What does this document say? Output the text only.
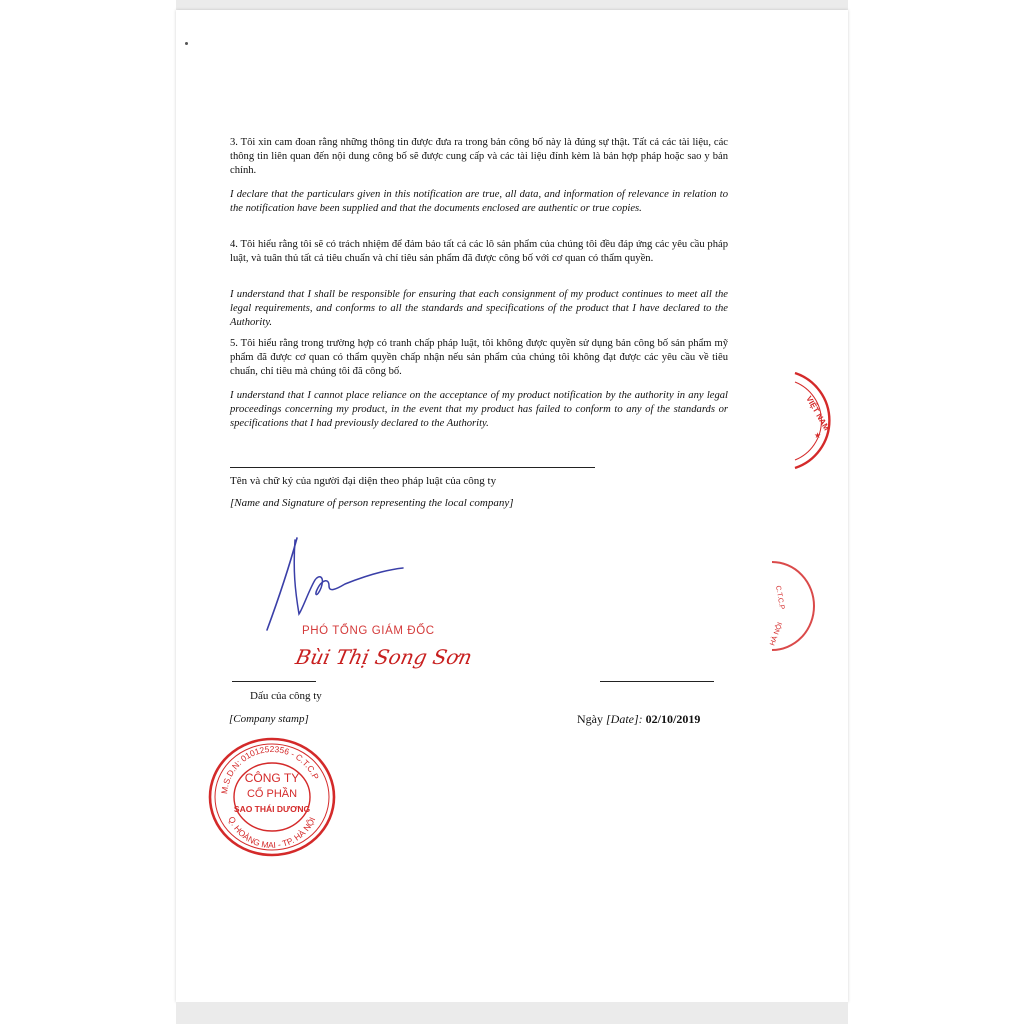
3. Tôi xin cam đoan rằng những thông tin được đưa ra trong bản công bố này là đúng sự thật. Tất cả các tài liệu, các thông tin liên quan đến nội dung công bố sẽ được cung cấp và các tài liệu đính kèm là bản hợp pháp hoặc sao y bản chính.
I declare that the particulars given in this notification are true, all data, and information of relevance in relation to the notification have been supplied and that the documents enclosed are authentic or true copies.
4. Tôi hiểu rằng tôi sẽ có trách nhiệm để đảm bảo tất cả các lô sản phẩm của chúng tôi đều đáp ứng các yêu cầu pháp luật, và tuân thủ tất cả tiêu chuẩn và chỉ tiêu sản phẩm đã được công bố với cơ quan có thẩm quyền.
I understand that I shall be responsible for ensuring that each consignment of my product continues to meet all the legal requirements, and conforms to all the standards and specifications of the product that I have declared to the Authority.
5. Tôi hiểu rằng trong trường hợp có tranh chấp pháp luật, tôi không được quyền sử dụng bản công bố sản phẩm mỹ phẩm đã được cơ quan có thẩm quyền chấp nhận nếu sản phẩm của chúng tôi không đạt được các yêu cầu về tiêu chuẩn, chỉ tiêu mà chúng tôi đã công bố.
I understand that I cannot place reliance on the acceptance of my product notification by the authority in any legal proceedings concerning my product, in the event that my product has failed to conform to any of the standards or specifications that I had previously declared to the Authority.
Tên và chữ ký của người đại diện theo pháp luật của công ty
[Name and Signature of person representing the local company]
PHÓ TỔNG GIÁM ĐỐC
Bùi Thị Song Sơn
Dấu của công ty
[Company stamp]	Ngày [Date]: 02/10/2019
M.S.D.N: 0101252356 - C.T.C.P
Q. HOÀNG MAI - TP. HÀ NỘI
CÔNG TY
CỔ PHẦN
SAO THÁI DƯƠNG
VIỆT NAM
★
C.T.C.P
HÀ NỘI
